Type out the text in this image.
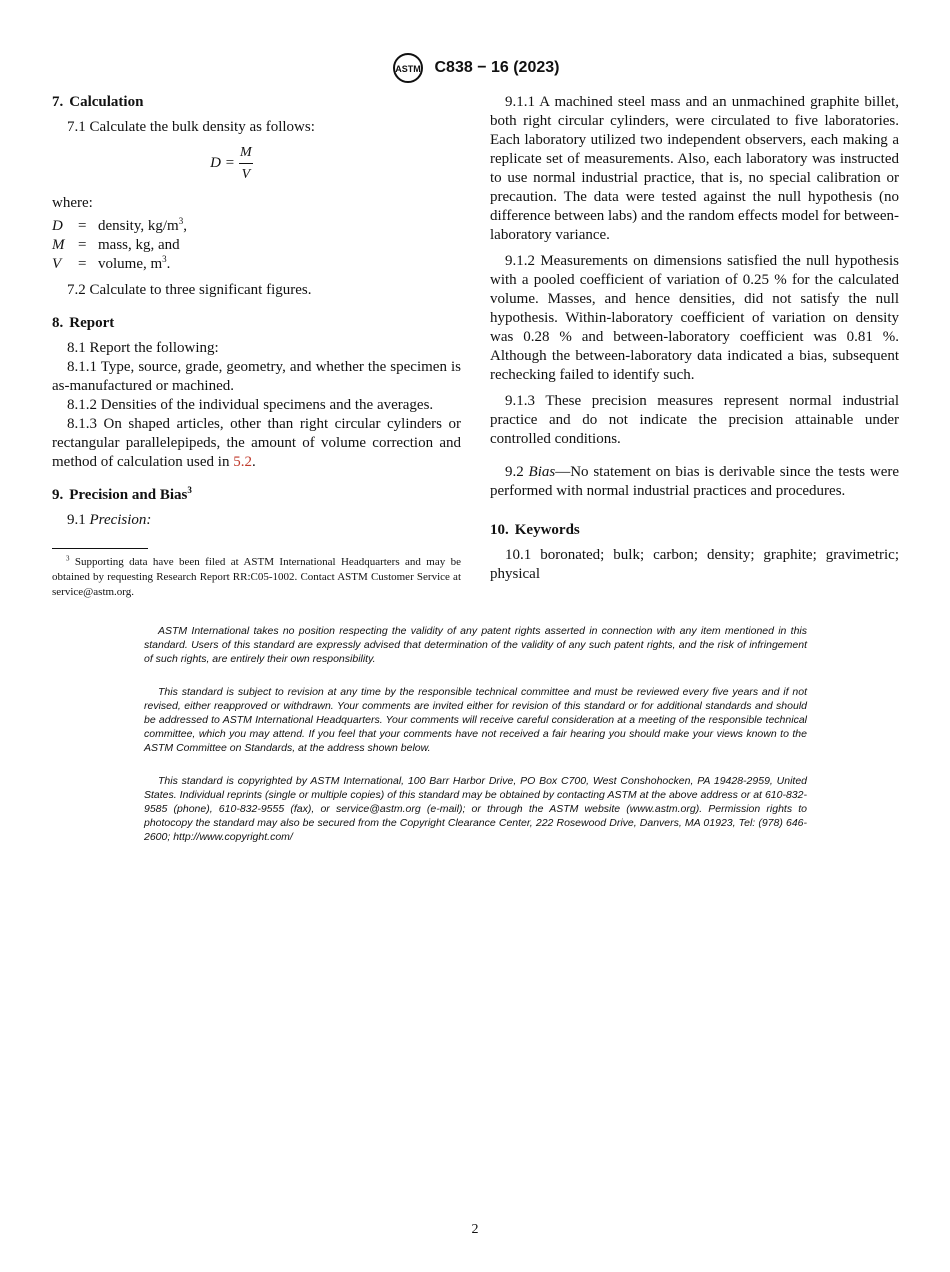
ASTM C838 − 16 (2023)
7. Calculation

7.1 Calculate the bulk density as follows:

$D = \frac{M}{V}$

where:

D	= density, $kg/m^3$,
M = mass, kg, and
V	= volume, $m^3$.

7.2 Calculate to three significant figures.

8. Report

8.1 Report the following:

8.1.1 Type, source, grade, geometry, and whether the specimen is as-manufactured or machined.

8.1.2 Densities of the individual specimens and the averages.

8.1.3 On shaped articles, other than right circular cylinders or rectangular parallelepipeds, the amount of volume correction and method of calculation used in 5.2.

9. Precision and Bias$^3$

9.1 Precision:

$^3$ Supporting data have been filed at ASTM International Headquarters and may be obtained by requesting Research Report RR:C05-1002. Contact ASTM Customer Service at service@astm.org.

9.1.1 A machined steel mass and an unmachined graphite billet, both right circular cylinders, were circulated to five laboratories. Each laboratory utilized two independent observers, each making a replicate set of measurements. Also, each laboratory was instructed to use normal industrial practice, that is, no special calibration or precaution. The data were tested against the null hypothesis (no difference between labs) and the random effects model for between-laboratory variance.

9.1.2 Measurements on dimensions satisfied the null hypothesis with a pooled coefficient of variation of 0.25 % for the calculated volume. Masses, and hence densities, did not satisfy the null hypothesis. Within-laboratory coefficient of variation on density was 0.28 % and between-laboratory coefficient was 0.81 %. Although the between-laboratory data indicated a bias, subsequent rechecking failed to identify such.

9.1.3 These precision measures represent normal industrial practice and do not indicate the precision attainable under controlled conditions.

9.2 Bias—No statement on bias is derivable since the tests were performed with normal industrial practices and procedures.

10. Keywords

10.1 boronated; bulk; carbon; density; graphite; gravimetric; physical

ASTM International takes no position respecting the validity of any patent rights asserted in connection with any item mentioned in this standard. Users of this standard are expressly advised that determination of the validity of any such patent rights, and the risk of infringement of such rights, are entirely their own responsibility.

This standard is subject to revision at any time by the responsible technical committee and must be reviewed every five years and if not revised, either reapproved or withdrawn. Your comments are invited either for revision of this standard or for additional standards and should be addressed to ASTM International Headquarters. Your comments will receive careful consideration at a meeting of the responsible technical committee, which you may attend. If you feel that your comments have not received a fair hearing you should make your views known to the ASTM Committee on Standards, at the address shown below.

This standard is copyrighted by ASTM International, 100 Barr Harbor Drive, PO Box C700, West Conshohocken, PA 19428-2959, United States. Individual reprints (single or multiple copies) of this standard may be obtained by contacting ASTM at the above address or at 610-832-9585 (phone), 610-832-9555 (fax), or service@astm.org (e-mail); or through the ASTM website (www.astm.org). Permission rights to photocopy the standard may also be secured from the Copyright Clearance Center, 222 Rosewood Drive, Danvers, MA 01923, Tel: (978) 646-2600; http://www.copyright.com/

2
